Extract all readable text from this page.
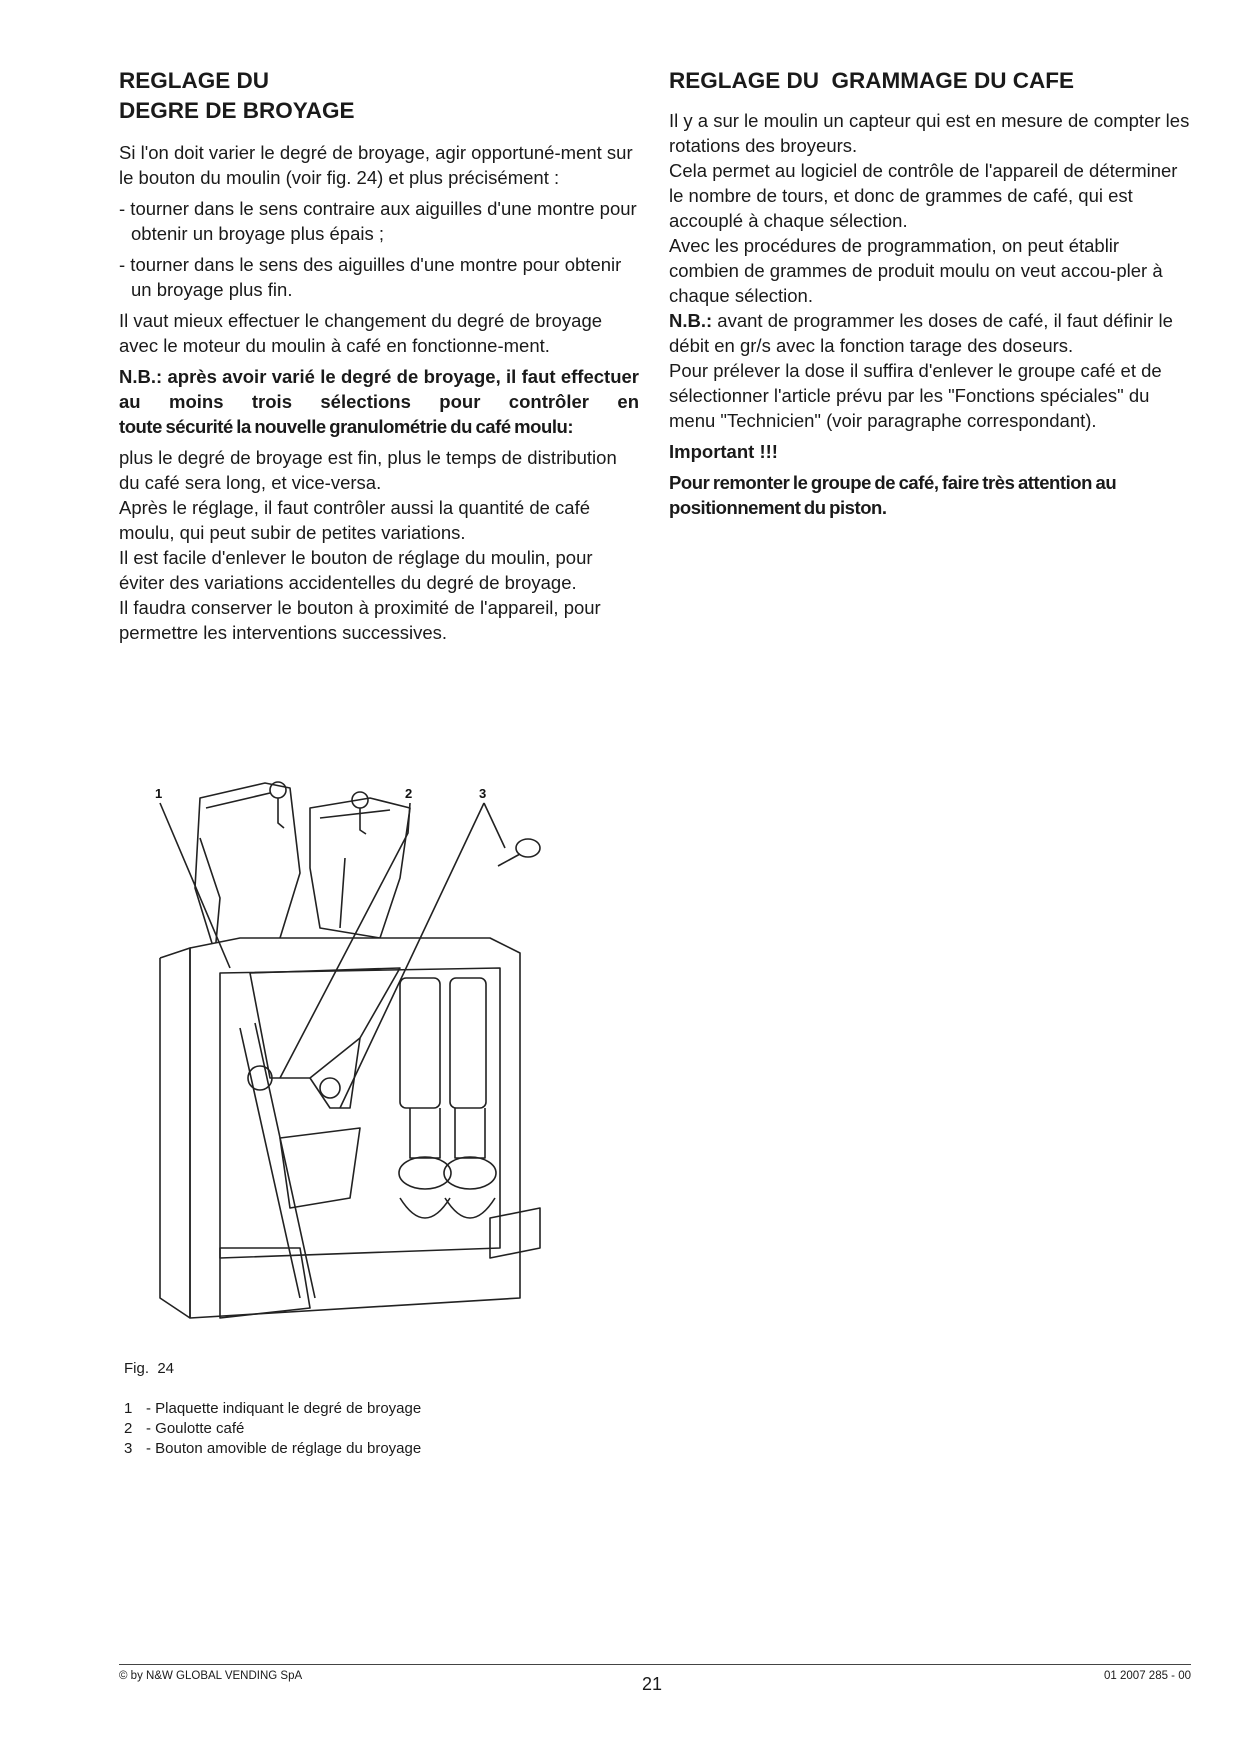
REGLAGE DU
DEGRE DE BROYAGE

Si l'on doit varier le degré de broyage, agir opportuné-ment sur le bouton du moulin (voir fig. 24) et plus précisément :

- tourner dans le sens contraire aux aiguilles d'une montre pour obtenir un broyage plus épais ;

- tourner dans le sens des aiguilles d'une montre pour obtenir un broyage plus fin.

Il vaut mieux effectuer le changement du degré de broyage avec le moteur du moulin à café en fonctionne-ment.

N.B.: après avoir varié le degré de broyage, il faut effectuer au moins trois sélections pour contrôler en
toute sécurité la nouvelle granulométrie du café moulu:

plus le degré de broyage est fin, plus le temps de distribution du café sera long, et vice-versa.

Après le réglage, il faut contrôler aussi la quantité de café moulu, qui peut subir de petites variations.

Il est facile d'enlever le bouton de réglage du moulin, pour éviter des variations accidentelles du degré de broyage.

Il faudra conserver le bouton à proximité de l'appareil, pour permettre les interventions successives.

REGLAGE DU  GRAMMAGE DU CAFE

Il y a sur le moulin un capteur qui est en mesure de compter les rotations des broyeurs.

Cela permet au logiciel de contrôle de l'appareil de déterminer le nombre de tours, et donc de grammes de café, qui est accouplé à chaque sélection.

Avec les procédures de programmation, on peut établir combien de grammes de produit moulu on veut accou-pler à chaque sélection.

N.B.: avant de programmer les doses de café, il faut définir le débit en gr/s avec la fonction tarage des doseurs.

Pour prélever la dose il suffira d'enlever le groupe café et de sélectionner l'article prévu par les "Fonctions spéciales" du menu "Technicien" (voir paragraphe correspondant).

Important !!!

Pour remonter le groupe de café, faire très attention au positionnement du piston.

1	2	3
Fig.  24
1 - Plaquette indiquant le degré de broyage
2 - Goulotte café
3 - Bouton amovible de réglage du broyage
© by N&W GLOBAL VENDING SpA	21	01 2007 285 - 00
